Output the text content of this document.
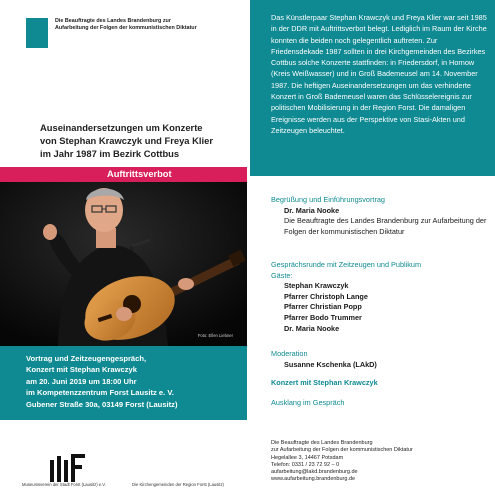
Die Beauftragte des Landes Brandenburg zur Aufarbeitung der Folgen der kommunistischen Diktatur
Auseinandersetzungen um Konzerte
von Stephan Krawczyk und Freya Klier
im Jahr 1987 im Bezirk Cottbus
Auftrittsverbot
Foto: Ellen Liebner
Vortrag und Zeitzeugengespräch,
Konzert mit Stephan Krawczyk
am 20. Juni 2019 um 18:00 Uhr
im Kompetenzzentrum Forst Lausitz e. V.
Gubener Straße 30a, 03149 Forst (Lausitz)
Museumsverein der Stadt Forst (Lausitz) e.V.	Die Kirchengemeinden der Region Forst (Lausitz)
Das Künstlerpaar Stephan Krawczyk und Freya Klier war seit 1985 in der DDR mit Auftrittsverbot belegt. Lediglich im Raum der Kirche konnten die beiden noch gelegentlich auftreten. Zur Friedensdekade 1987 sollten in drei Kirchgemeinden des Bezirkes Cottbus solche Konzerte stattfinden: in Friedersdorf, in Hornow (Kreis Weißwasser) und in Groß Bademeusel am 14. November 1987. Die heftigen Auseinandersetzungen um das verhinderte Konzert in Groß Bademeusel waren das Schlüsselereignis zur politischen Mobilisierung in der Region Forst. Die damaligen Ereignisse werden aus der Perspektive von Stasi-Akten und Zeitzeugen beleuchtet.
Begrüßung und Einführungsvortrag
Dr. Maria Nooke
Die Beauftragte des Landes Brandenburg zur Aufarbeitung der Folgen der kommunistischen Diktatur
Gesprächsrunde mit Zeitzeugen und Publikum
Gäste:
Stephan Krawczyk
Pfarrer Christoph Lange
Pfarrer Christian Popp
Pfarrer Bodo Trummer
Dr. Maria Nooke
Moderation
Susanne Kschenka (LAkD)
Konzert mit Stephan Krawczyk
Ausklang im Gespräch
Die Beauftragte des Landes Brandenburg
zur Aufarbeitung der Folgen der kommunistischen Diktatur
Hegelallee 3, 14467 Potsdam
Telefon: 0331 / 23 72 92 – 0
aufarbeitung@lakd.brandenburg.de
www.aufarbeitung.brandenburg.de
